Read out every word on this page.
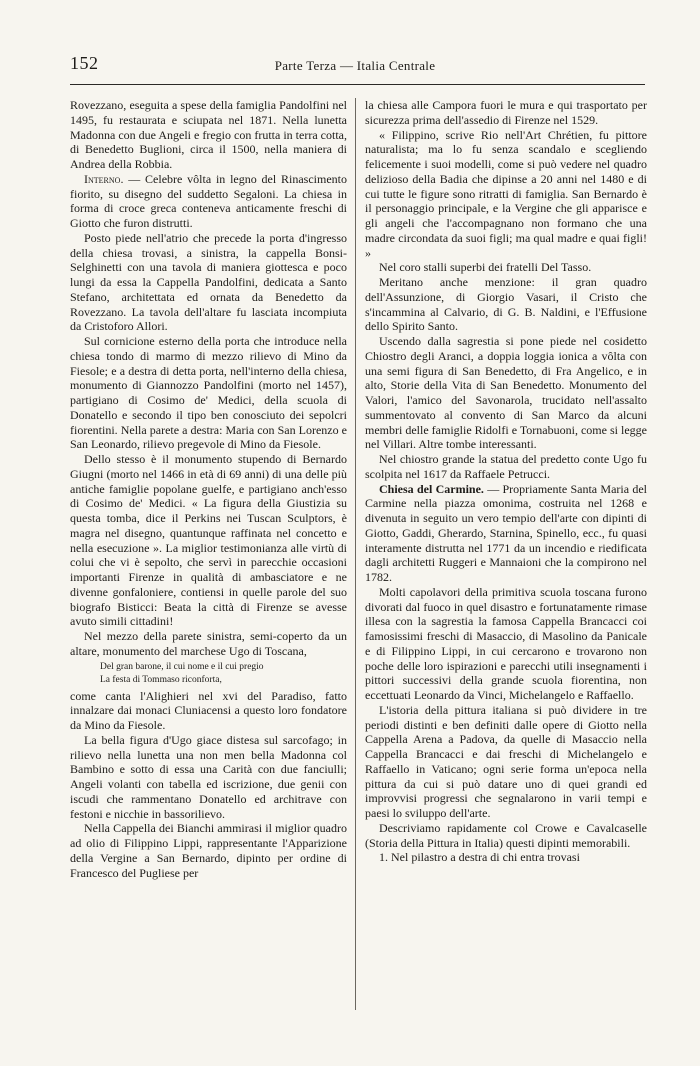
152	Parte Terza — Italia Centrale

Rovezzano, eseguita a spese della famiglia Pandolfini nel 1495, fu restaurata e sciupata nel 1871. Nella lunetta Madonna con due Angeli e fregio con frutta in terra cotta, di Benedetto Buglioni, circa il 1500, nella maniera di Andrea della Robbia.

Interno. — Celebre vôlta in legno del Rinascimento fiorito, su disegno del suddetto Segaloni. La chiesa in forma di croce greca conteneva anticamente freschi di Giotto che furon distrutti.

Posto piede nell'atrio che precede la porta d'ingresso della chiesa trovasi, a sinistra, la cappella Bonsi-Selghinetti con una tavola di maniera giottesca e poco lungi da essa la Cappella Pandolfini, dedicata a Santo Stefano, architettata ed ornata da Benedetto da Rovezzano. La tavola dell'altare fu lasciata incompiuta da Cristoforo Allori.

Sul cornicione esterno della porta che introduce nella chiesa tondo di marmo di mezzo rilievo di Mino da Fiesole; e a destra di detta porta, nell'interno della chiesa, monumento di Giannozzo Pandolfini (morto nel 1457), partigiano di Cosimo de' Medici, della scuola di Donatello e secondo il tipo ben conosciuto dei sepolcri fiorentini. Nella parete a destra: Maria con San Lorenzo e San Leonardo, rilievo pregevole di Mino da Fiesole.

Dello stesso è il monumento stupendo di Bernardo Giugni (morto nel 1466 in età di 69 anni) di una delle più antiche famiglie popolane guelfe, e partigiano anch'esso di Cosimo de' Medici. « La figura della Giustizia su questa tomba, dice il Perkins nei Tuscan Sculptors, è magra nel disegno, quantunque raffinata nel concetto e nella esecuzione ». La miglior testimonianza alle virtù di colui che vi è sepolto, che servì in parecchie occasioni importanti Firenze in qualità di ambasciatore e ne divenne gonfaloniere, contiensi in quelle parole del suo biografo Bisticci: Beata la città di Firenze se avesse avuto simili cittadini!

Nel mezzo della parete sinistra, semi-coperto da un altare, monumento del marchese Ugo di Toscana,

Del gran barone, il cui nome e il cui pregio
La festa di Tommaso riconforta,

come canta l'Alighieri nel xvi del Paradiso, fatto innalzare dai monaci Cluniacensi a questo loro fondatore da Mino da Fiesole.

La bella figura d'Ugo giace distesa sul sarcofago; in rilievo nella lunetta una non men bella Madonna col Bambino e sotto di essa una Carità con due fanciulli; Angeli volanti con tabella ed iscrizione, due genii con iscudi che rammentano Donatello ed architrave con festoni e nicchie in bassorilievo.

Nella Cappella dei Bianchi ammirasi il miglior quadro ad olio di Filippino Lippi, rappresentante l'Apparizione della Vergine a San Bernardo, dipinto per ordine di Francesco del Pugliese per

la chiesa alle Campora fuori le mura e qui trasportato per sicurezza prima dell'assedio di Firenze nel 1529.

« Filippino, scrive Rio nell'Art Chrétien, fu pittore naturalista; ma lo fu senza scandalo e scegliendo felicemente i suoi modelli, come si può vedere nel quadro delizioso della Badia che dipinse a 20 anni nel 1480 e di cui tutte le figure sono ritratti di famiglia. San Bernardo è il personaggio principale, e la Vergine che gli apparisce e gli angeli che l'accompagnano non formano che una madre circondata da suoi figli; ma qual madre e quai figli! »

Nel coro stalli superbi dei fratelli Del Tasso.

Meritano anche menzione: il gran quadro dell'Assunzione, di Giorgio Vasari, il Cristo che s'incammina al Calvario, di G. B. Naldini, e l'Effusione dello Spirito Santo.

Uscendo dalla sagrestia si pone piede nel cosidetto Chiostro degli Aranci, a doppia loggia ionica a vôlta con una semi figura di San Benedetto, di Fra Angelico, e in alto, Storie della Vita di San Benedetto. Monumento del Valori, l'amico del Savonarola, trucidato nell'assalto summentovato al convento di San Marco da alcuni membri delle famiglie Ridolfi e Tornabuoni, come si legge nel Villari. Altre tombe interessanti.

Nel chiostro grande la statua del predetto conte Ugo fu scolpita nel 1617 da Raffaele Petrucci.

Chiesa del Carmine. — Propriamente Santa Maria del Carmine nella piazza omonima, costruita nel 1268 e divenuta in seguito un vero tempio dell'arte con dipinti di Giotto, Gaddi, Gherardo, Starnina, Spinello, ecc., fu quasi interamente distrutta nel 1771 da un incendio e riedificata dagli architetti Ruggeri e Mannaioni che la compirono nel 1782.

Molti capolavori della primitiva scuola toscana furono divorati dal fuoco in quel disastro e fortunatamente rimase illesa con la sagrestia la famosa Cappella Brancacci coi famosissimi freschi di Masaccio, di Masolino da Panicale e di Filippino Lippi, in cui cercarono e trovarono non poche delle loro ispirazioni e parecchi utili insegnamenti i pittori successivi della grande scuola fiorentina, non eccettuati Leonardo da Vinci, Michelangelo e Raffaello.

L'istoria della pittura italiana si può dividere in tre periodi distinti e ben definiti dalle opere di Giotto nella Cappella Arena a Padova, da quelle di Masaccio nella Cappella Brancacci e dai freschi di Michelangelo e Raffaello in Vaticano; ogni serie forma un'epoca nella pittura da cui si può datare uno di quei grandi ed improvvisi progressi che segnalarono in varii tempi e paesi lo sviluppo dell'arte.

Descriviamo rapidamente col Crowe e Cavalcaselle (Storia della Pittura in Italia) questi dipinti memorabili.

1. Nel pilastro a destra di chi entra trovasi
